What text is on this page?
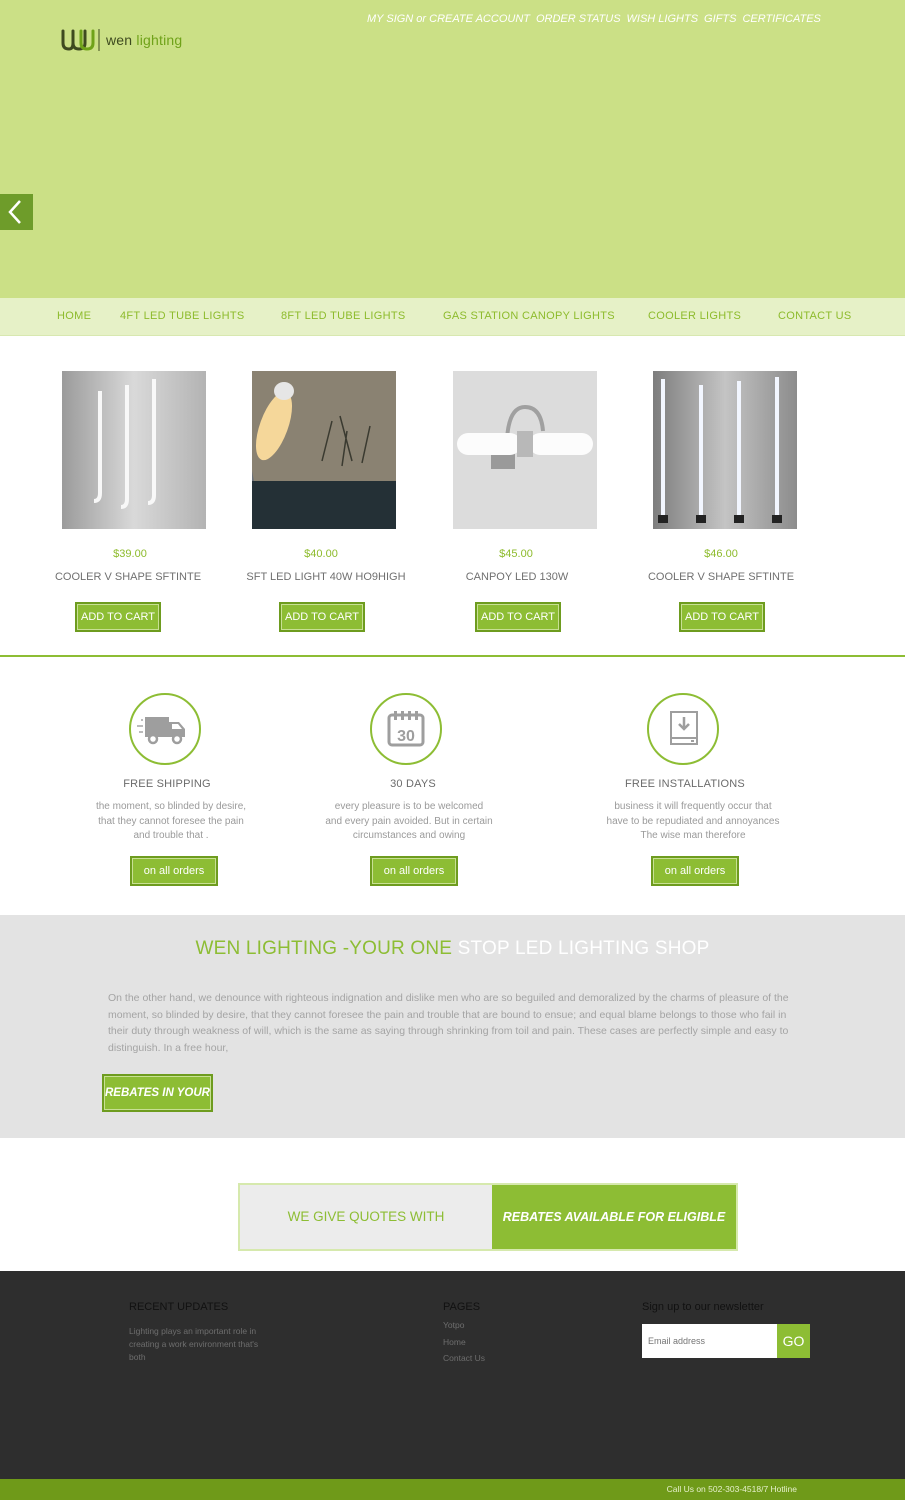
wen lighting
MY SIGN or CREATE ACCOUNT ORDER STATUS WISH LIGHTS GIFTS CERTIFICATES
HOME	4FT LED TUBE LIGHTS	8FT LED TUBE LIGHTS	GAS STATION CANOPY LIGHTS	COOLER LIGHTS	CONTACT US
$39.00	$40.00	$45.00	$46.00
COOLER V SHAPE SFTINTE	SFT LED LIGHT 40W HO9HIGH	CANPOY LED 130W	COOLER V SHAPE SFTINTE
ADD TO CART	ADD TO CART	ADD TO CART	ADD TO CART
30
FREE SHIPPING	30 DAYS	FREE INSTALLATIONS
the moment, so blinded by desire,
that they cannot foresee the pain
and trouble that .
every pleasure is to be welcomed
and every pain avoided. But in certain
circumstances and owing
business it will frequently occur that
have to be repudiated and annoyances
The wise man therefore
on all orders	on all orders	on all orders
WEN LIGHTING -YOUR ONE STOP LED LIGHTING SHOP
On the other hand, we denounce with righteous indignation and dislike men who are so beguiled and demoralized by the charms of pleasure of the moment, so blinded by desire, that they cannot foresee the pain and trouble that are bound to ensue; and equal blame belongs to those who fail in their duty through weakness of will, which is the same as saying through shrinking from toil and pain. These cases are perfectly simple and easy to distinguish. In a free hour,
REBATES IN YOUR
WE GIVE QUOTES WITH	REBATES AVAILABLE FOR ELIGIBLE
RECENT UPDATES
Lighting plays an important role in
creating a work environment that's
both
PAGES
Yotpo
Home
Contact Us
Sign up to our newsletter
Email address
GO
Call Us on 502-303-4518/7 Hotline
